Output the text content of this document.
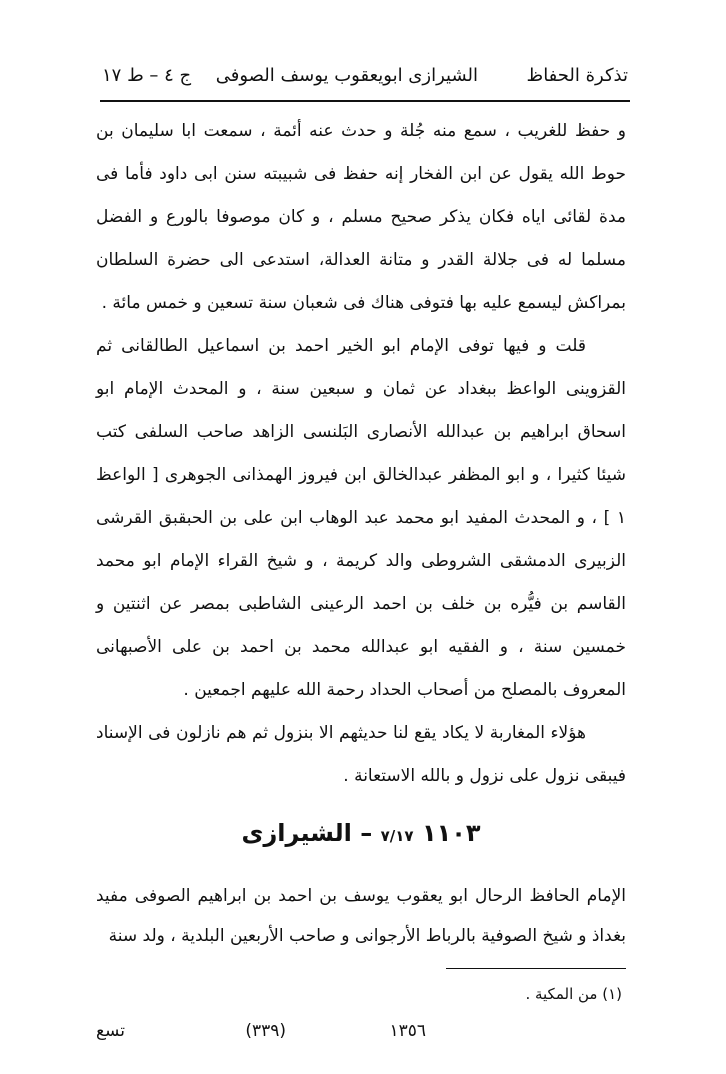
تذكرة الحفاظ
الشيرازى ابويعقوب يوسف الصوفى
ج ٤ – ط ١٧

و حفظ للغريب ، سمع منه جُلة و حدث عنه أئمة ، سمعت ابا سليمان بن حوط الله يقول عن ابن الفخار إنه حفظ فى شبيبته سنن ابى داود فأما فى مدة لقائى اياه فكان يذكر صحيح مسلم ، و كان موصوفا بالورع و الفضل مسلما له فى جلالة القدر و متانة العدالة، استدعى الى حضرة السلطان بمراكش ليسمع عليه بها فتوفى هناك فى شعبان سنة تسعين و خمس مائة .

قلت و فيها توفى الإمام ابو الخير احمد بن اسماعيل الطالقانى ثم القزوينى الواعظ ببغداد عن ثمان و سبعين سنة ، و المحدث الإمام ابو اسحاق ابراهيم بن عبدالله الأنصارى البَلنسى الزاهد صاحب السلفى كتب شيئا كثيرا ، و ابو المظفر عبدالخالق ابن فيروز الهمذانى الجوهرى [ الواعظ ١ ] ، و المحدث المفيد ابو محمد عبد الوهاب ابن على بن الحبقبق القرشى الزبيرى الدمشقى الشروطى والد كريمة ، و شيخ القراء الإمام ابو محمد القاسم بن فيُّره بن خلف بن احمد الرعينى الشاطبى بمصر عن اثنتين و خمسين سنة ، و الفقيه ابو عبدالله محمد بن احمد بن على الأصبهانى المعروف بالمصلح من أصحاب الحداد رحمة الله عليهم اجمعين .

هؤلاء المغاربة لا يكاد يقع لنا حديثهم الا بنزول ثم هم نازلون فى الإسناد فيبقى نزول على نزول و بالله الاستعانة .

١١٠٣ ٧/١٧ – الشيرازى
الإمام الحافظ الرحال ابو يعقوب يوسف بن احمد بن ابراهيم الصوفى مفيد بغداذ و شيخ الصوفية بالرباط الأرجوانى و صاحب الأربعين البلدية ، ولد سنة
(١) من المكية .
١٣٥٦
(٣٣٩)
تسع
